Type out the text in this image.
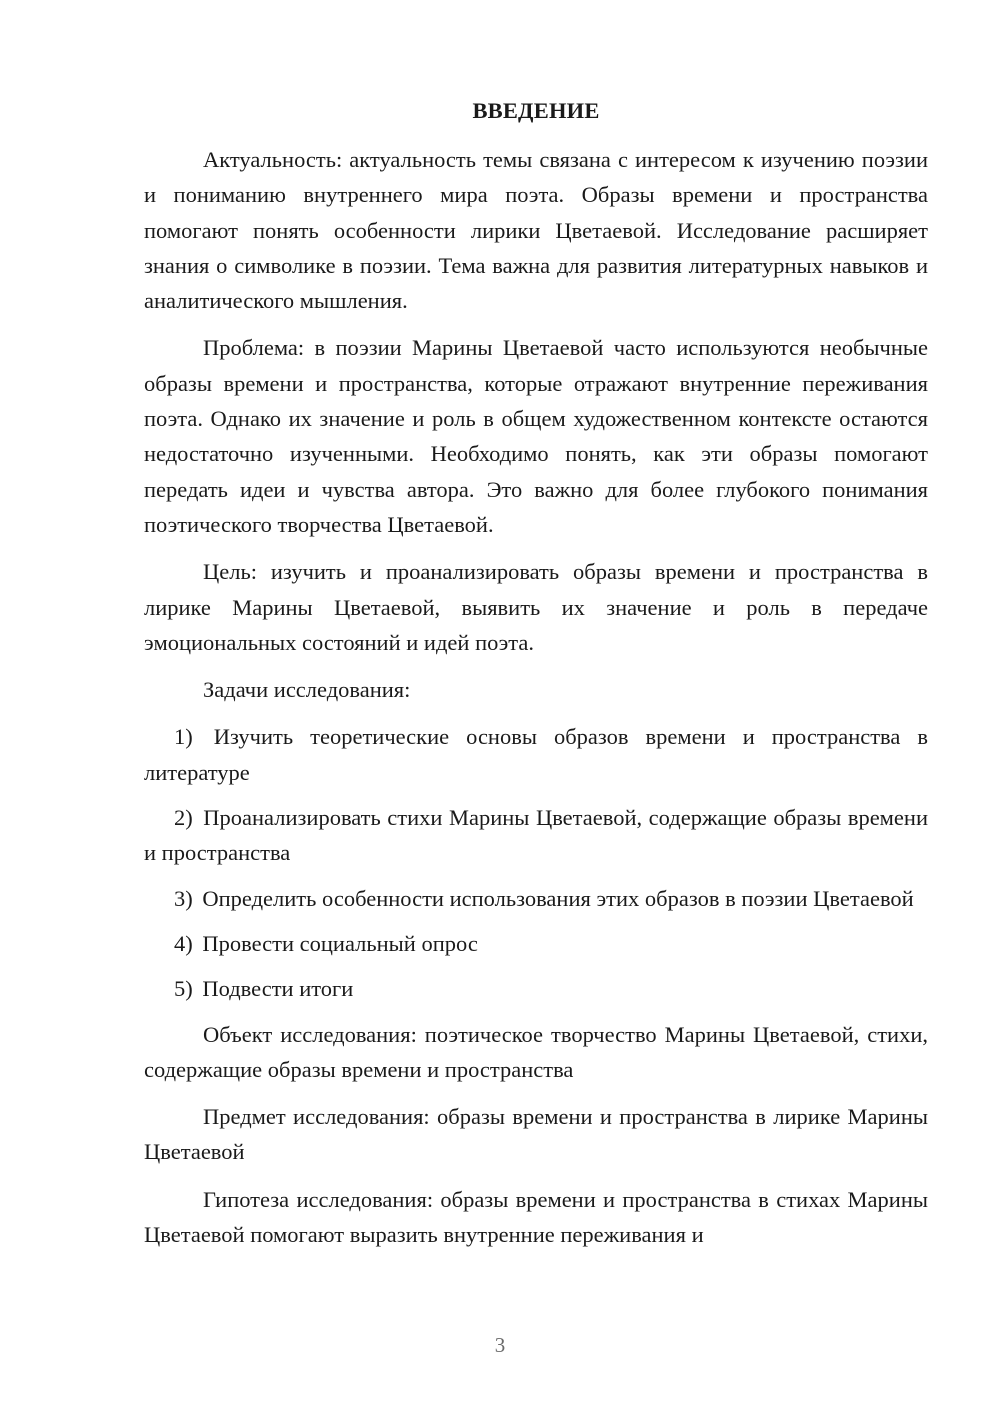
ВВЕДЕНИЕ

Актуальность: актуальность темы связана с интересом к изучению поэзии и пониманию внутреннего мира поэта. Образы времени и пространства помогают понять особенности лирики Цветаевой. Исследование расширяет знания о символике в поэзии. Тема важна для развития литературных навыков и аналитического мышления.

Проблема: в поэзии Марины Цветаевой часто используются необычные образы времени и пространства, которые отражают внутренние переживания поэта. Однако их значение и роль в общем художественном контексте остаются недостаточно изученными. Необходимо понять, как эти образы помогают передать идеи и чувства автора. Это важно для более глубокого понимания поэтического творчества Цветаевой.

Цель: изучить и проанализировать образы времени и пространства в лирике Марины Цветаевой, выявить их значение и роль в передаче эмоциональных состояний и идей поэта.

Задачи исследования:

1) Изучить теоретические основы образов времени и пространства в литературе

2) Проанализировать стихи Марины Цветаевой, содержащие образы времени и пространства

3) Определить особенности использования этих образов в поэзии Цветаевой

4) Провести социальный опрос

5) Подвести итоги

Объект исследования: поэтическое творчество Марины Цветаевой, стихи, содержащие образы времени и пространства

Предмет исследования: образы времени и пространства в лирике Марины Цветаевой

Гипотеза исследования: образы времени и пространства в стихах Марины Цветаевой помогают выразить внутренние переживания и

3
